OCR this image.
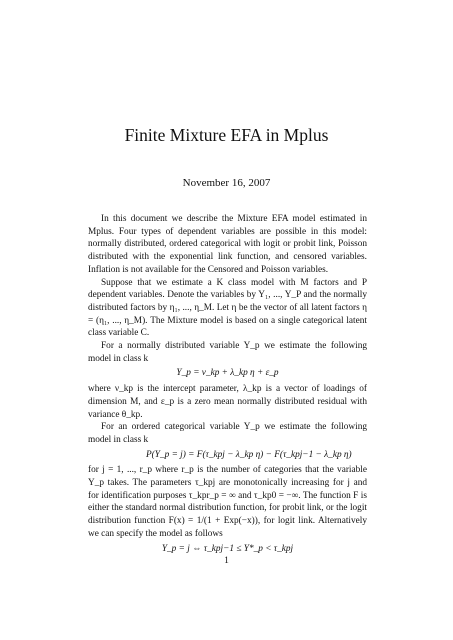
Finite Mixture EFA in Mplus
November 16, 2007

In this document we describe the Mixture EFA model estimated in Mplus. Four types of dependent variables are possible in this model: normally distributed, ordered categorical with logit or probit link, Poisson distributed with the exponential link function, and censored variables. Inflation is not available for the Censored and Poisson variables.

Suppose that we estimate a K class model with M factors and P dependent variables. Denote the variables by Y₁, ..., Y_P and the normally distributed factors by η₁, ..., η_M. Let η be the vector of all latent factors η = (η₁, ..., η_M). The Mixture model is based on a single categorical latent class variable C.

For a normally distributed variable Y_p we estimate the following model in class k

Y_p = ν_kp + λ_kp η + ε_p

where ν_kp is the intercept parameter, λ_kp is a vector of loadings of dimension M, and ε_p is a zero mean normally distributed residual with variance θ_kp.

For an ordered categorical variable Y_p we estimate the following model in class k

P(Y_p = j) = F(τ_kpj − λ_kp η) − F(τ_kpj−1 − λ_kp η)

for j = 1, ..., r_p where r_p is the number of categories that the variable Y_p takes. The parameters τ_kpj are monotonically increasing for j and for identification purposes τ_kpr_p = ∞ and τ_kp0 = −∞. The function F is either the standard normal distribution function, for probit link, or the logit distribution function F(x) = 1/(1 + Exp(−x)), for logit link. Alternatively we can specify the model as follows

Y_p = j ⇔ τ_kpj−1 ≤ Y*_p < τ_kpj
1
